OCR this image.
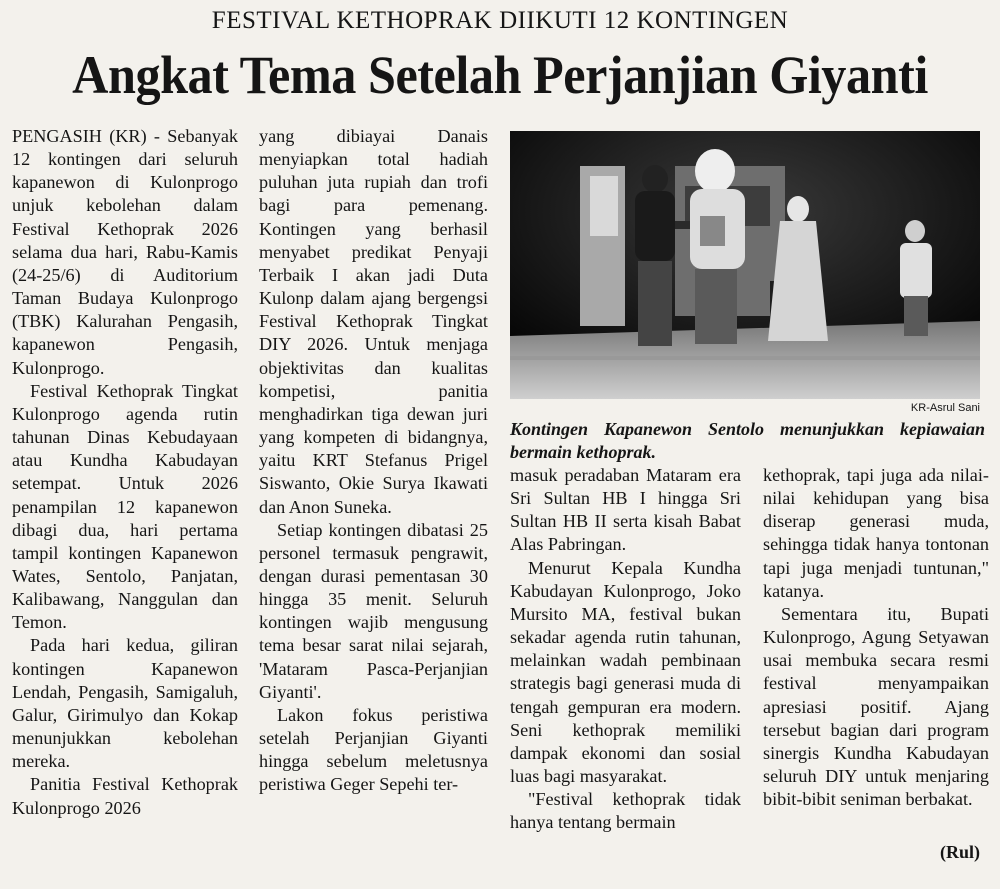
FESTIVAL KETHOPRAK DIIKUTI 12 KONTINGEN
Angkat Tema Setelah Perjanjian Giyanti

PENGASIH (KR) - Sebanyak 12 kontingen dari seluruh kapanewon di Kulonprogo unjuk kebolehan dalam Festival Kethoprak 2026 selama dua hari, Rabu-Kamis (24-25/6) di Auditorium Taman Budaya Kulonprogo (TBK) Kalurahan Pengasih, kapanewon Pengasih, Kulonprogo.

Festival Kethoprak Tingkat Kulonprogo agenda rutin tahunan Dinas Kebudayaan atau Kundha Kabudayan setempat. Untuk 2026 penampilan 12 kapanewon dibagi dua, hari pertama tampil kontingen Kapanewon Wates, Sentolo, Panjatan, Kalibawang, Nanggulan dan Temon.

Pada hari kedua, giliran kontingen Kapanewon Lendah, Pengasih, Samigaluh, Galur, Girimulyo dan Kokap menunjukkan kebolehan mereka.

Panitia Festival Kethoprak Kulonprogo 2026

yang dibiayai Danais menyiapkan total hadiah puluhan juta rupiah dan trofi bagi para pemenang. Kontingen yang berhasil menyabet predikat Penyaji Terbaik I akan jadi Duta Kulonp dalam ajang bergengsi Festival Kethoprak Tingkat DIY 2026. Untuk menjaga objektivitas dan kualitas kompetisi, panitia menghadirkan tiga dewan juri yang kompeten di bidangnya, yaitu KRT Stefanus Prigel Siswanto, Okie Surya Ikawati dan Anon Suneka.

Setiap kontingen dibatasi 25 personel termasuk pengrawit, dengan durasi pementasan 30 hingga 35 menit. Seluruh kontingen wajib mengusung tema besar sarat nilai sejarah, 'Mataram Pasca-Perjanjian Giyanti'.

Lakon fokus peristiwa setelah Perjanjian Giyanti hingga sebelum meletusnya peristiwa Geger Sepehi ter-

KR-Asrul Sani
Kontingen Kapanewon Sentolo menunjukkan kepiawaian bermain kethoprak.

masuk peradaban Mataram era Sri Sultan HB I hingga Sri Sultan HB II serta kisah Babat Alas Pabringan.

Menurut Kepala Kundha Kabudayan Kulonprogo, Joko Mursito MA, festival bukan sekadar agenda rutin tahunan, melainkan wadah pembinaan strategis bagi generasi muda di tengah gempuran era modern. Seni kethoprak memiliki dampak ekonomi dan sosial luas bagi masyarakat.

"Festival kethoprak tidak hanya tentang bermain

kethoprak, tapi juga ada nilai-nilai kehidupan yang bisa diserap generasi muda, sehingga tidak hanya tontonan tapi juga menjadi tuntunan," katanya.

Sementara itu, Bupati Kulonprogo, Agung Setyawan usai membuka secara resmi festival menyampaikan apresiasi positif. Ajang tersebut bagian dari program sinergis Kundha Kabudayan seluruh DIY untuk menjaring bibit-bibit seniman berbakat.

(Rul)
